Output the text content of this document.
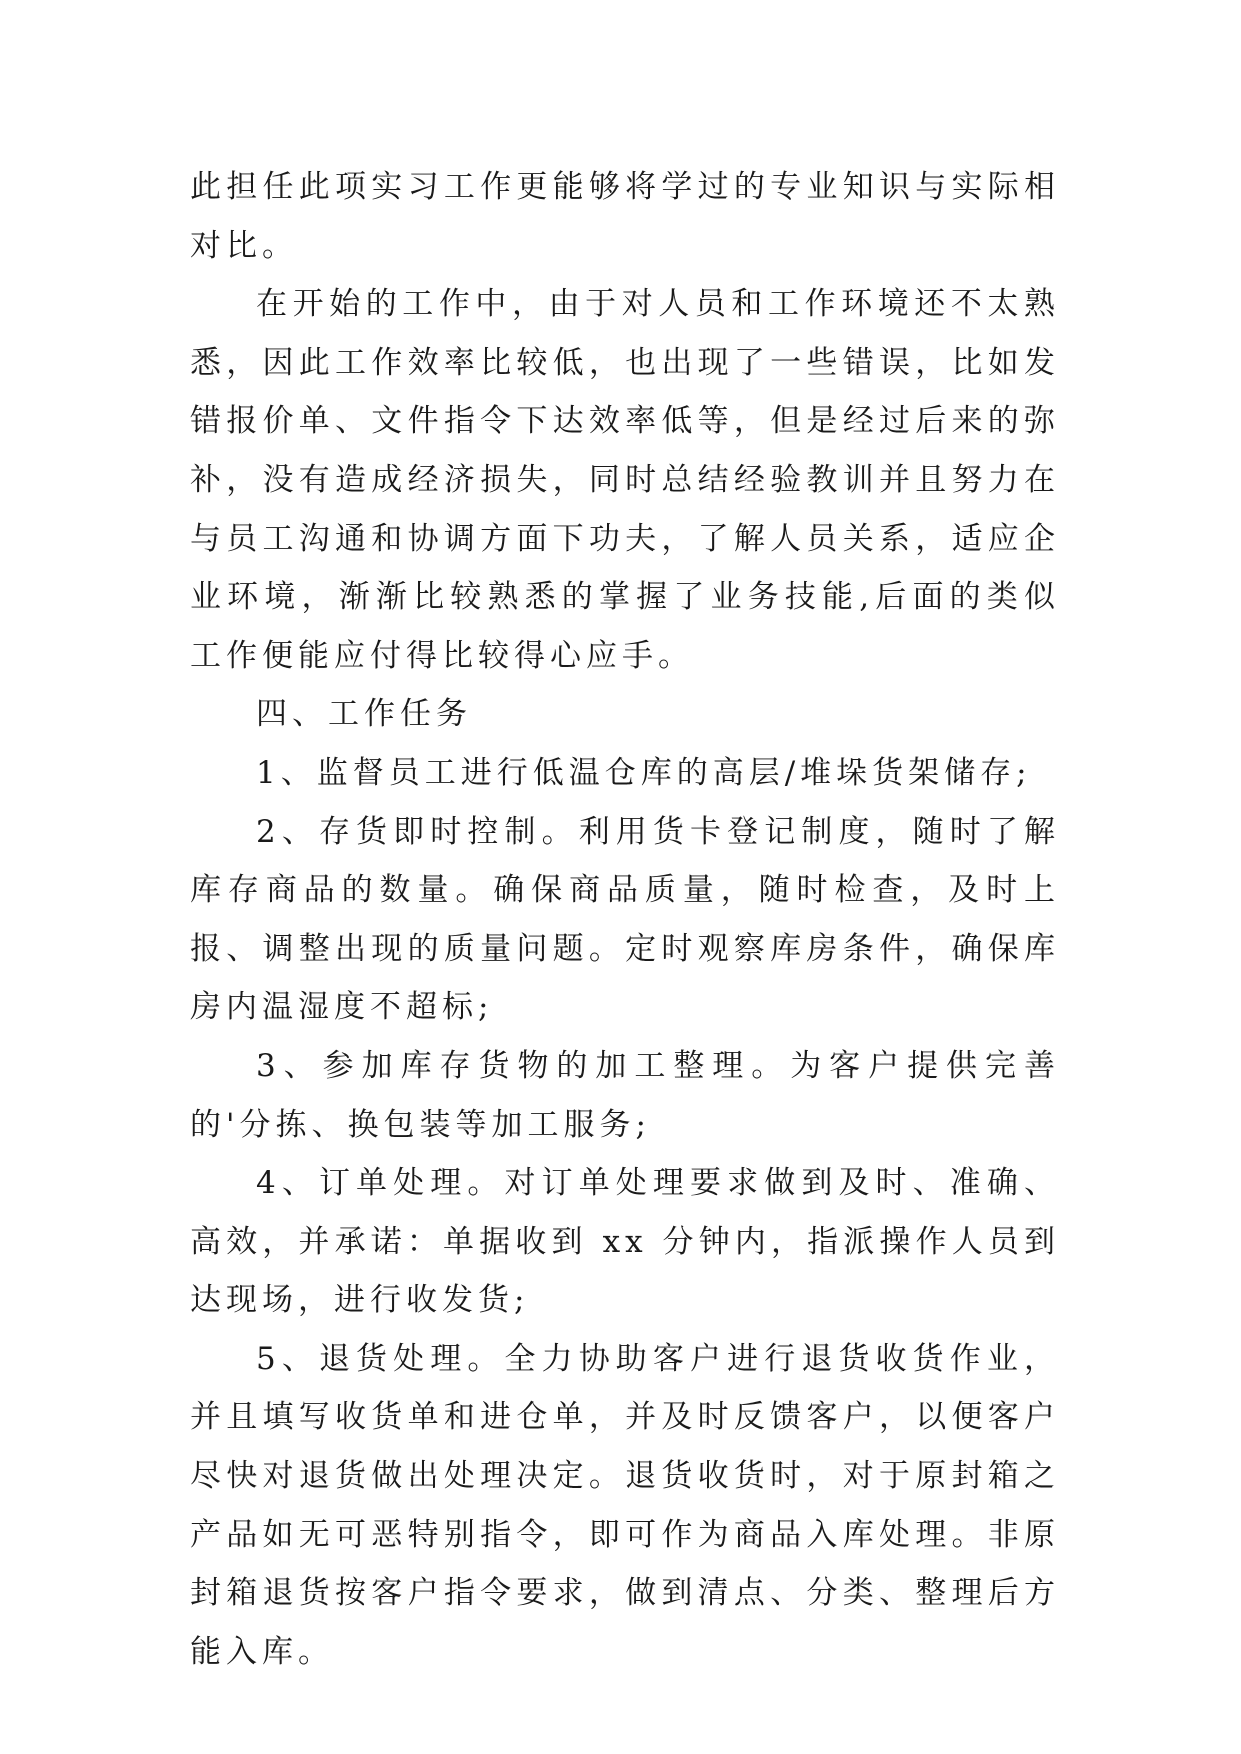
此担任此项实习工作更能够将学过的专业知识与实际相对比。

在开始的工作中，由于对人员和工作环境还不太熟悉，因此工作效率比较低，也出现了一些错误，比如发错报价单、文件指令下达效率低等，但是经过后来的弥补，没有造成经济损失，同时总结经验教训并且努力在与员工沟通和协调方面下功夫，了解人员关系，适应企业环境，渐渐比较熟悉的掌握了业务技能,后面的类似工作便能应付得比较得心应手。

四、工作任务

1、监督员工进行低温仓库的高层/堆垛货架储存;

2、存货即时控制。利用货卡登记制度，随时了解库存商品的数量。确保商品质量，随时检查，及时上报、调整出现的质量问题。定时观察库房条件，确保库房内温湿度不超标;

3、参加库存货物的加工整理。为客户提供完善的'分拣、换包装等加工服务;

4、订单处理。对订单处理要求做到及时、准确、高效，并承诺：单据收到 xx 分钟内，指派操作人员到达现场，进行收发货;

5、退货处理。全力协助客户进行退货收货作业，并且填写收货单和进仓单，并及时反馈客户，以便客户尽快对退货做出处理决定。退货收货时，对于原封箱之产品如无可恶特别指令，即可作为商品入库处理。非原封箱退货按客户指令要求，做到清点、分类、整理后方能入库。
